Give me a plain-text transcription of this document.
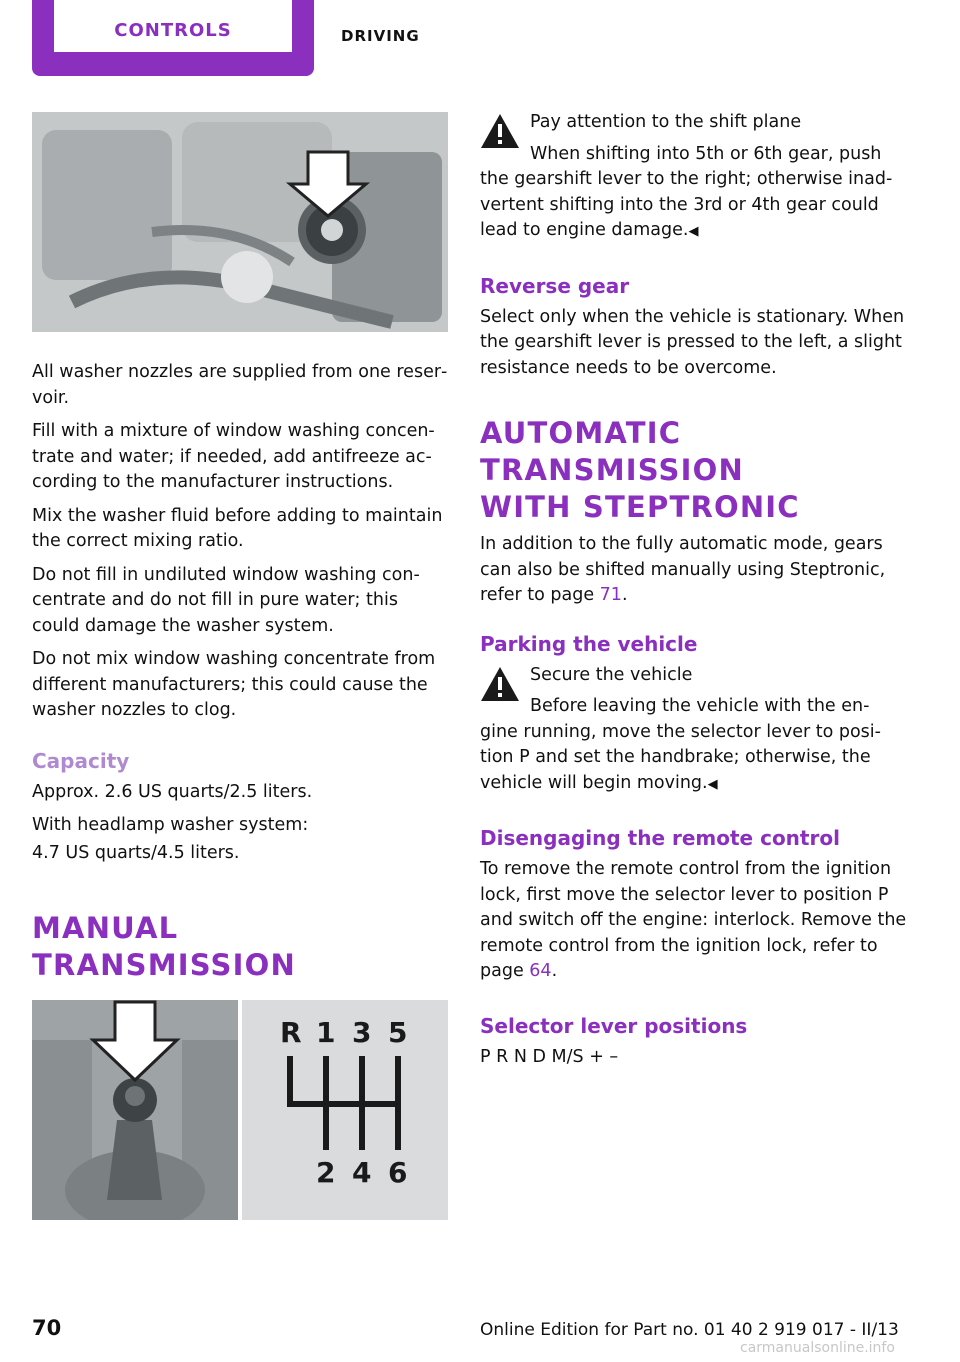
CONTROLS	DRIVING

All washer nozzles are supplied from one reser‐voir.

Fill with a mixture of window washing concen‐trate and water; if needed, add antifreeze ac‐cording to the manufacturer instructions.

Mix the washer fluid before adding to maintain the correct mixing ratio.

Do not fill in undiluted window washing con‐centrate and do not fill in pure water; this could damage the washer system.

Do not mix window washing concentrate from different manufacturers; this could cause the washer nozzles to clog.

Capacity

Approx. 2.6 US quarts/2.5 liters.

With headlamp washer system:

4.7 US quarts/4.5 liters.

MANUAL TRANSMISSION
R 1 3 5
2 4 6

Pay attention to the shift plane

When shifting into 5th or 6th gear, push

the gearshift lever to the right; otherwise inad‐vertent shifting into the 3rd or 4th gear could lead to engine damage.◀

Reverse gear

Select only when the vehicle is stationary. When the gearshift lever is pressed to the left, a slight resistance needs to be overcome.

AUTOMATIC TRANSMISSION
WITH STEPTRONIC

In addition to the fully automatic mode, gears can also be shifted manually using Steptronic, refer to page 71.

Parking the vehicle

Secure the vehicle

Before leaving the vehicle with the en‐

gine running, move the selector lever to posi‐tion P and set the handbrake; otherwise, the vehicle will begin moving.◀

Disengaging the remote control

To remove the remote control from the ignition lock, first move the selector lever to position P and switch off the engine: interlock. Remove the remote control from the ignition lock, refer to page 64.

Selector lever positions

P R N D M/S + –

70	Online Edition for Part no. 01 40 2 919 017 - II/13
carmanualsonline.info
